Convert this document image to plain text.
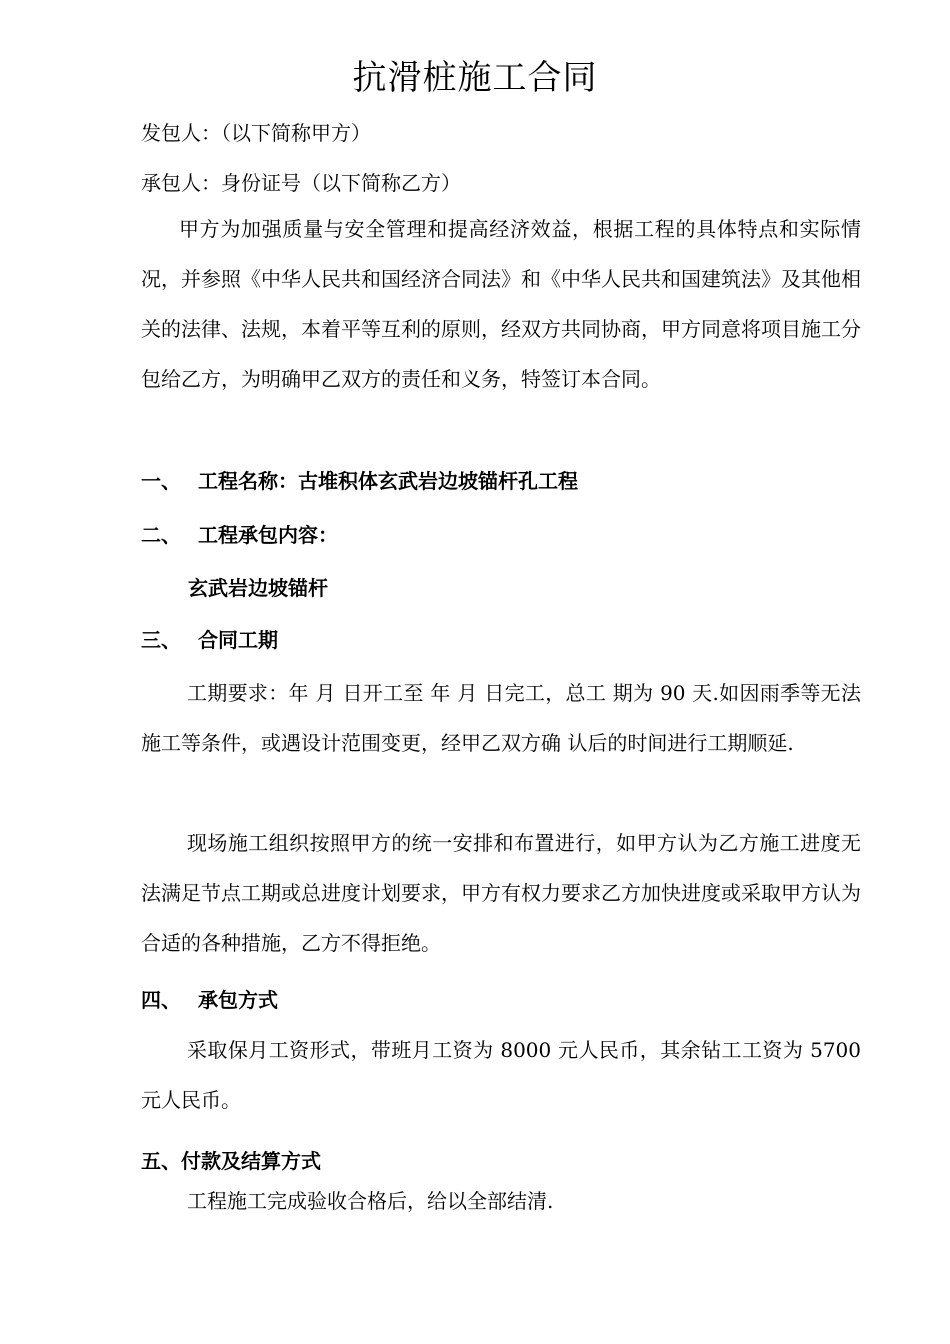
抗滑桩施工合同
发包人：（以下简称甲方）
承包人：身份证号（以下简称乙方）
甲方为加强质量与安全管理和提高经济效益，根据工程的具体特点和实际情况，并参照《中华人民共和国经济合同法》和《中华人民共和国建筑法》及其他相关的法律、法规，本着平等互利的原则，经双方共同协商，甲方同意将项目施工分包给乙方，为明确甲乙双方的责任和义务，特签订本合同。
一、 工程名称：古堆积体玄武岩边坡锚杆孔工程
二、 工程承包内容：
玄武岩边坡锚杆
三、 合同工期
工期要求：年 月 日开工至 年 月 日完工，总工 期为 90 天.如因雨季等无法施工等条件，或遇设计范围变更，经甲乙双方确 认后的时间进行工期顺延.
现场施工组织按照甲方的统一安排和布置进行，如甲方认为乙方施工进度无法满足节点工期或总进度计划要求，甲方有权力要求乙方加快进度或采取甲方认为合适的各种措施，乙方不得拒绝。
四、 承包方式
采取保月工资形式，带班月工资为 8000 元人民币，其余钻工工资为 5700 元人民币。
五、付款及结算方式
工程施工完成验收合格后，给以全部结清.
